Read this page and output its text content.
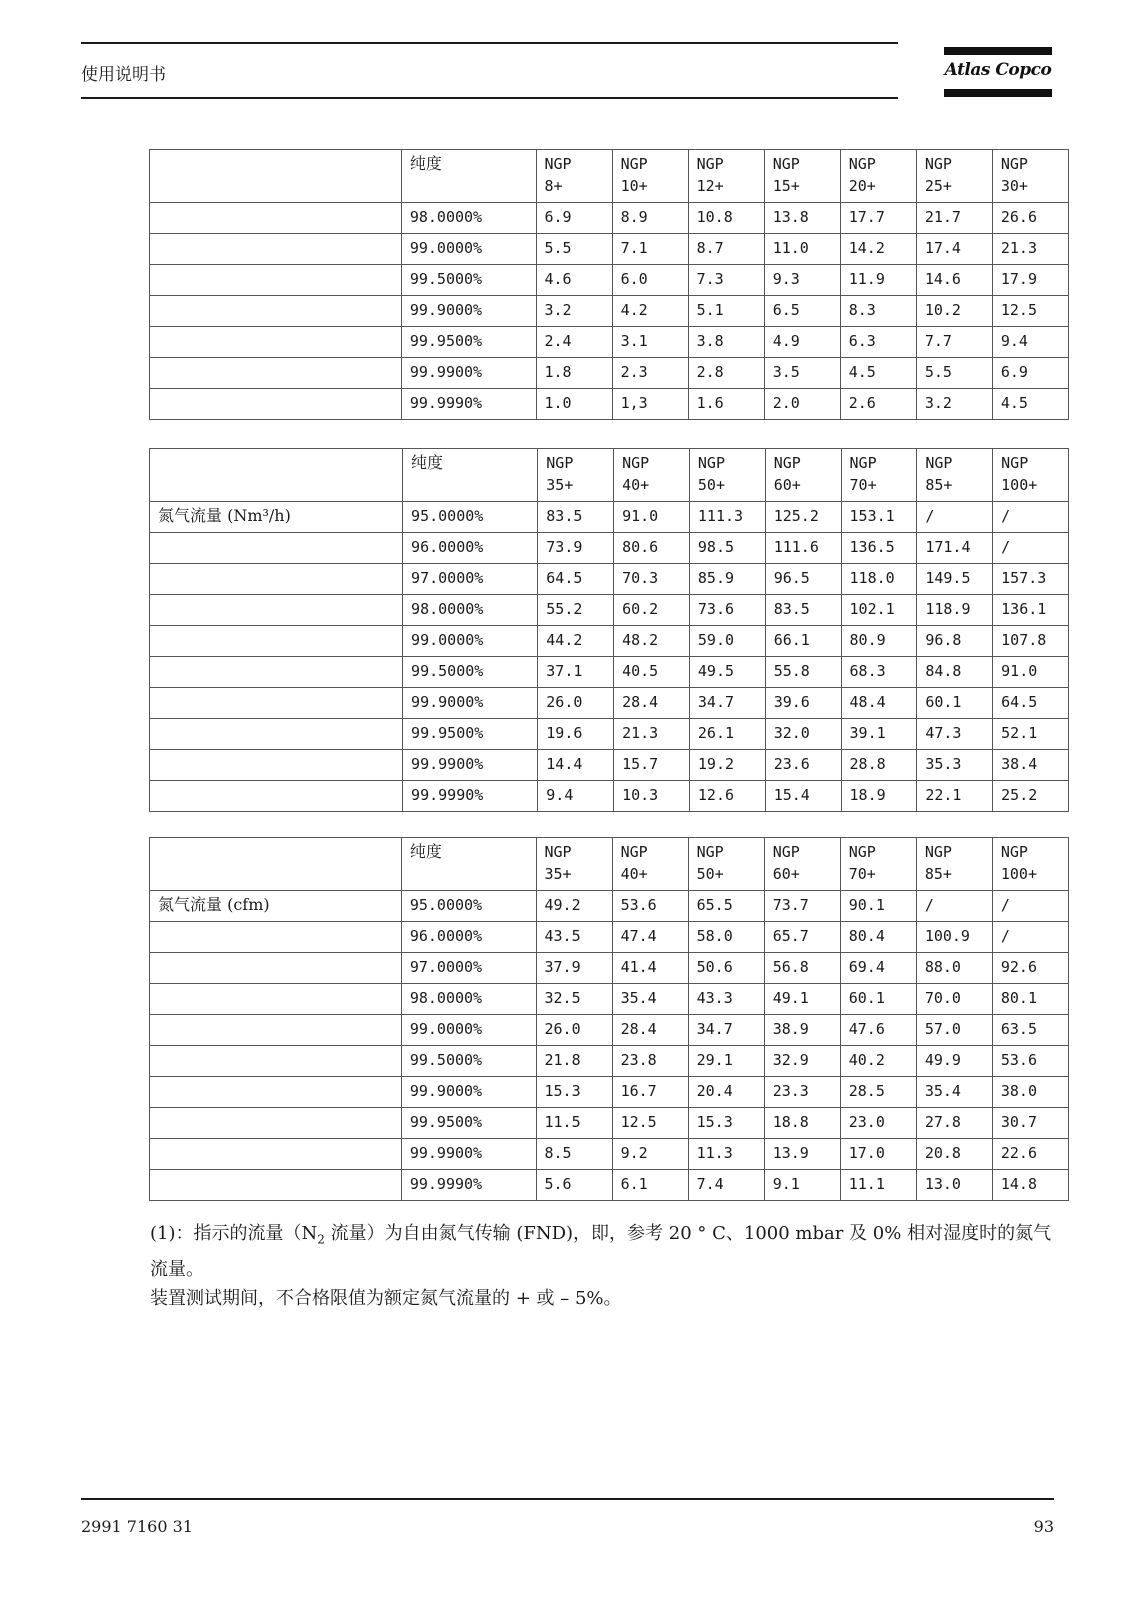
使用说明书	Atlas Copco
	纯度	NGP 8+	NGP 10+	NGP 12+	NGP 15+	NGP 20+	NGP 25+	NGP 30+
	98.0000%	6.9	8.9	10.8	13.8	17.7	21.7	26.6
	99.0000%	5.5	7.1	8.7	11.0	14.2	17.4	21.3
	99.5000%	4.6	6.0	7.3	9.3	11.9	14.6	17.9
	99.9000%	3.2	4.2	5.1	6.5	8.3	10.2	12.5
	99.9500%	2.4	3.1	3.8	4.9	6.3	7.7	9.4
	99.9900%	1.8	2.3	2.8	3.5	4.5	5.5	6.9
	99.9990%	1.0	1,3	1.6	2.0	2.6	3.2	4.5
	纯度	NGP 35+	NGP 40+	NGP 50+	NGP 60+	NGP 70+	NGP 85+	NGP 100+
氮气流量 (Nm³/h)	95.0000%	83.5	91.0	111.3	125.2	153.1	/	/
	96.0000%	73.9	80.6	98.5	111.6	136.5	171.4	/
	97.0000%	64.5	70.3	85.9	96.5	118.0	149.5	157.3
	98.0000%	55.2	60.2	73.6	83.5	102.1	118.9	136.1
	99.0000%	44.2	48.2	59.0	66.1	80.9	96.8	107.8
	99.5000%	37.1	40.5	49.5	55.8	68.3	84.8	91.0
	99.9000%	26.0	28.4	34.7	39.6	48.4	60.1	64.5
	99.9500%	19.6	21.3	26.1	32.0	39.1	47.3	52.1
	99.9900%	14.4	15.7	19.2	23.6	28.8	35.3	38.4
	99.9990%	9.4	10.3	12.6	15.4	18.9	22.1	25.2
	纯度	NGP 35+	NGP 40+	NGP 50+	NGP 60+	NGP 70+	NGP 85+	NGP 100+
氮气流量 (cfm)	95.0000%	49.2	53.6	65.5	73.7	90.1	/	/
	96.0000%	43.5	47.4	58.0	65.7	80.4	100.9	/
	97.0000%	37.9	41.4	50.6	56.8	69.4	88.0	92.6
	98.0000%	32.5	35.4	43.3	49.1	60.1	70.0	80.1
	99.0000%	26.0	28.4	34.7	38.9	47.6	57.0	63.5
	99.5000%	21.8	23.8	29.1	32.9	40.2	49.9	53.6
	99.9000%	15.3	16.7	20.4	23.3	28.5	35.4	38.0
	99.9500%	11.5	12.5	15.3	18.8	23.0	27.8	30.7
	99.9900%	8.5	9.2	11.3	13.9	17.0	20.8	22.6
	99.9990%	5.6	6.1	7.4	9.1	11.1	13.0	14.8
(1)：指示的流量（$N_2$ 流量）为自由氮气传输 (FND)，即，参考 20 ° C、1000 mbar 及 0% 相对湿度时的氮气流量。
装置测试期间，不合格限值为额定氮气流量的 + 或 – 5%。
2991 7160 31	93
